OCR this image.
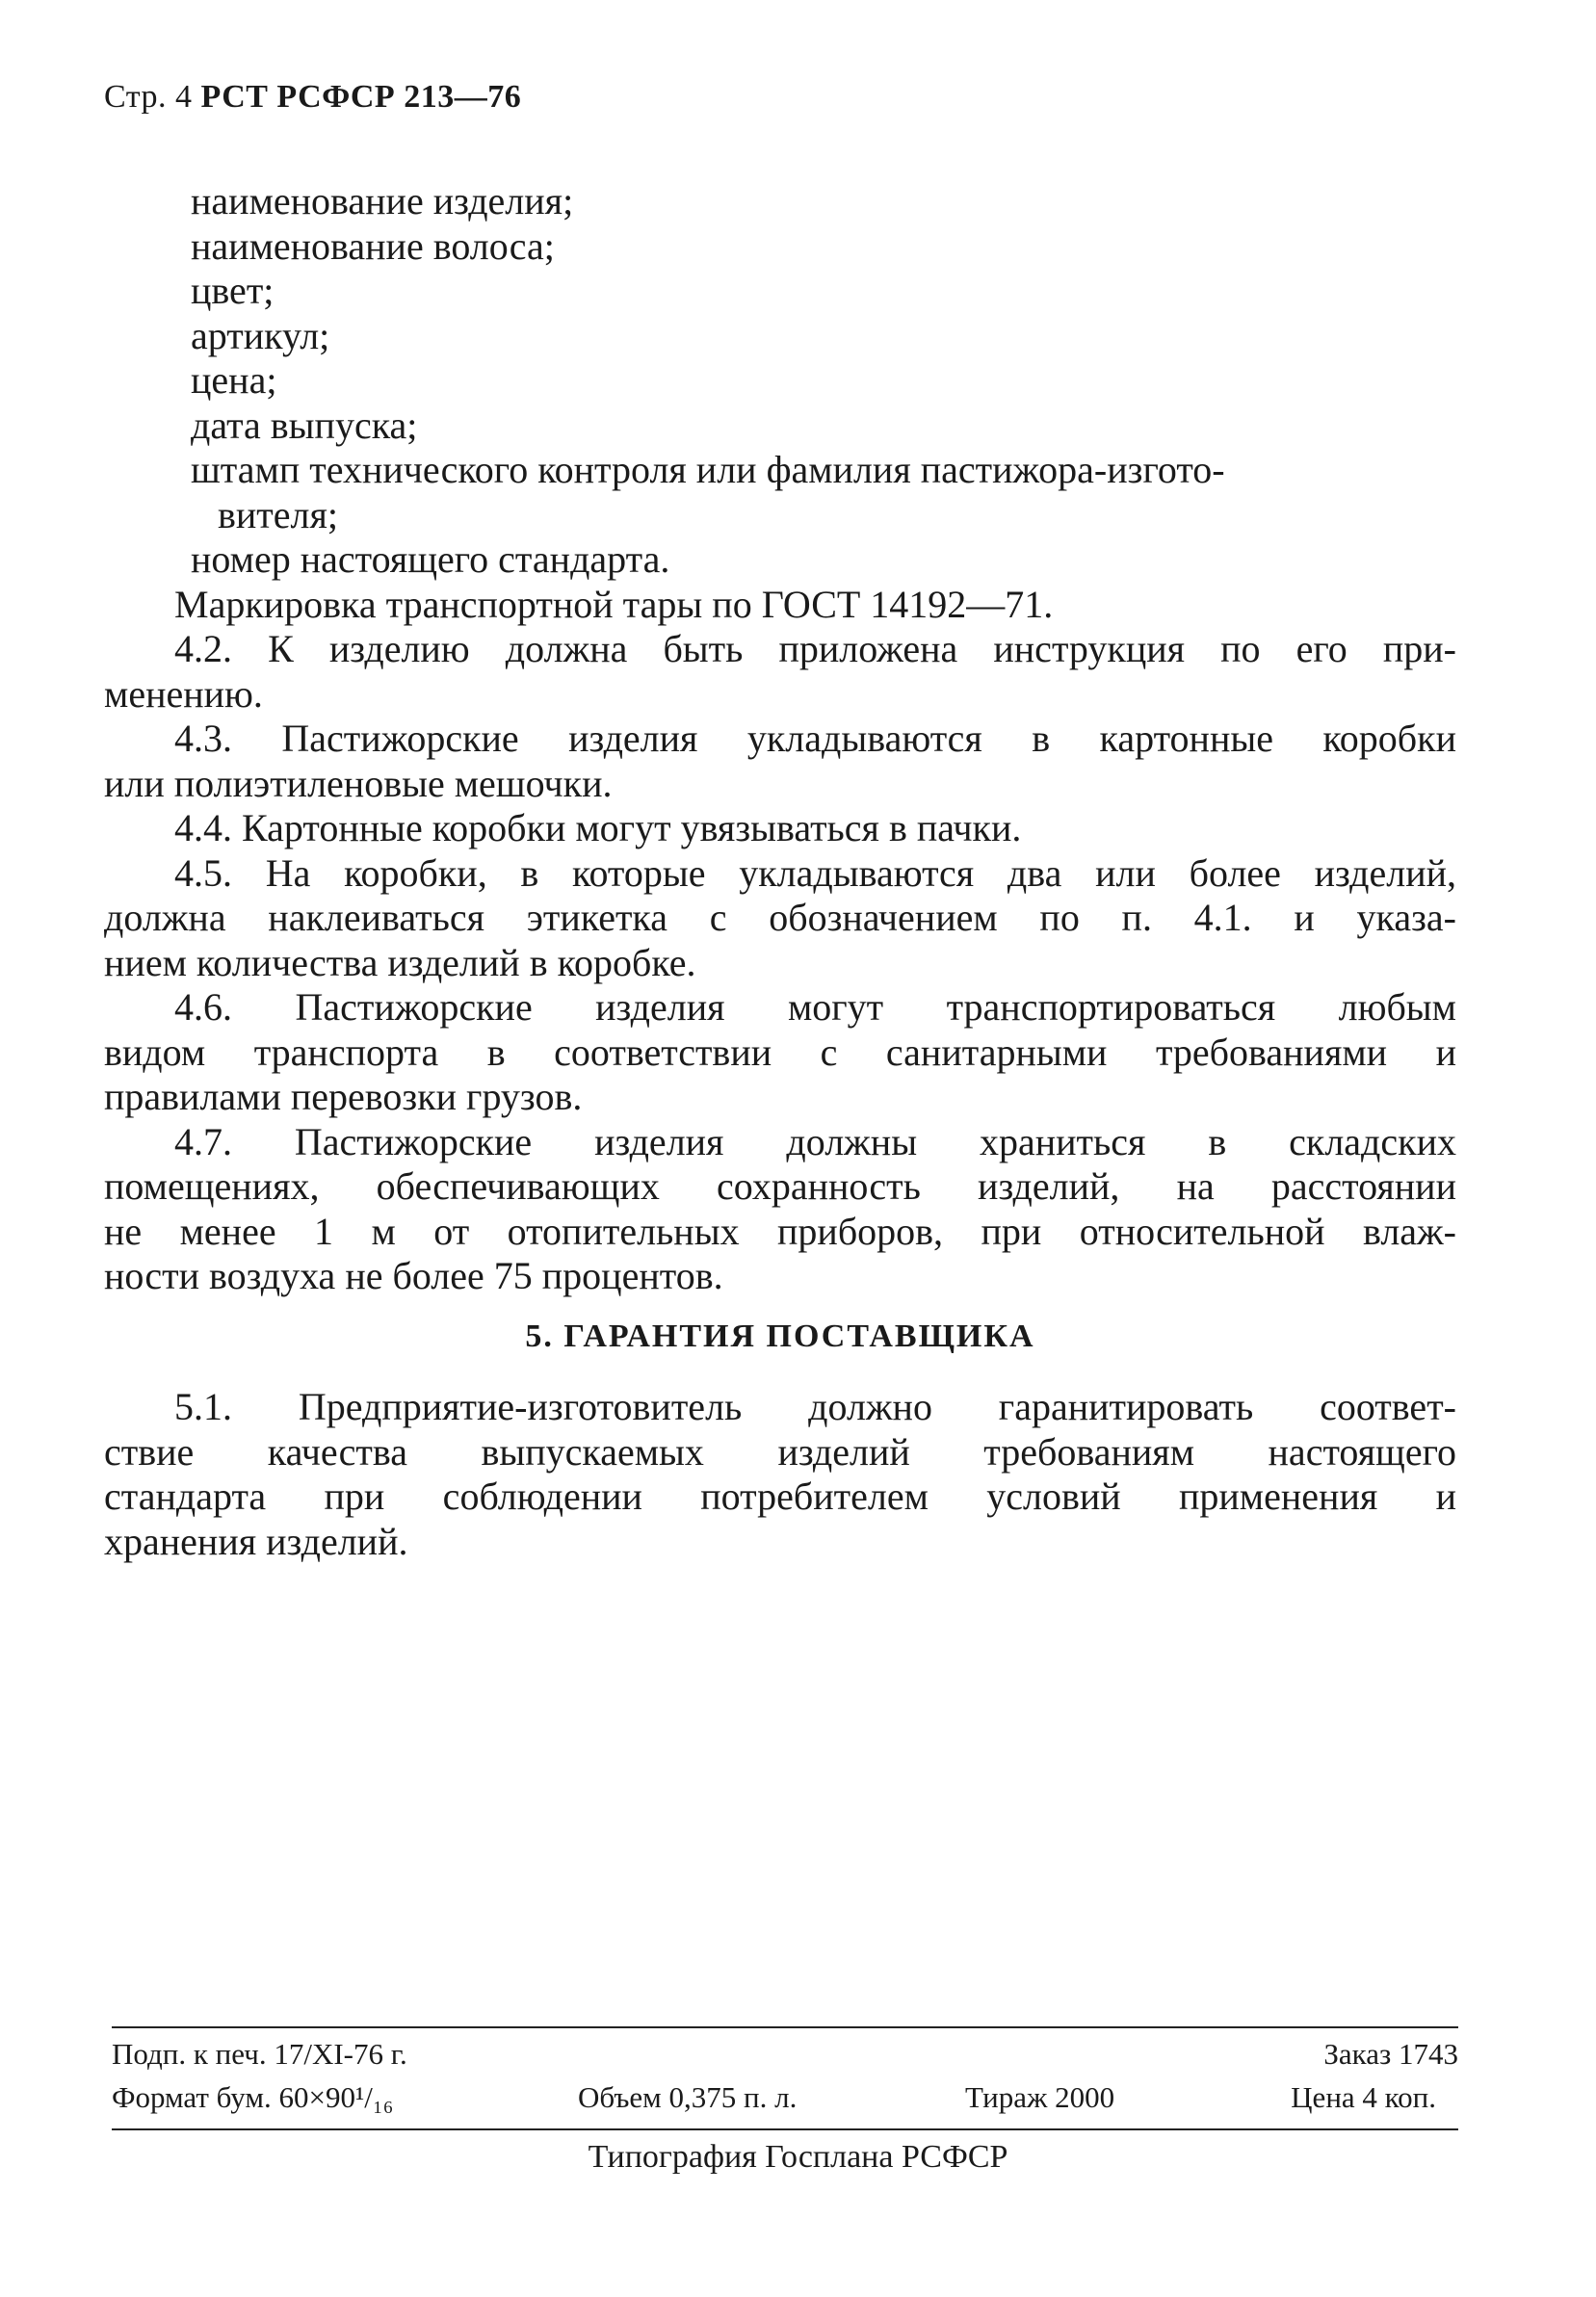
Стр. 4 РСТ РСФСР 213—76

наименование изделия;

наименование волоса;

цвет;

артикул;

цена;

дата выпуска;

штамп технического контроля или фамилия пастижора-изгото-

вителя;

номер настоящего стандарта.

Маркировка транспортной тары по ГОСТ 14192—71.

4.2. К изделию должна быть приложена инструкция по его при-

менению.

4.3. Пастижорские изделия укладываются в картонные коробки

или полиэтиленовые мешочки.

4.4. Картонные коробки могут увязываться в пачки.

4.5. На коробки, в которые укладываются два или более изделий,

должна наклеиваться этикетка с обозначением по п. 4.1. и указа-

нием количества изделий в коробке.

4.6. Пастижорские изделия могут транспортироваться любым

видом транспорта в соответствии с санитарными требованиями и

правилами перевозки грузов.

4.7. Пастижорские изделия должны храниться в складских

помещениях, обеспечивающих сохранность изделий, на расстоянии

не менее 1 м от отопительных приборов, при относительной влаж-

ности воздуха не более 75 процентов.

5. ГАРАНТИЯ ПОСТАВЩИКА

5.1. Предприятие-изготовитель должно гаранитировать соответ-

ствие качества выпускаемых изделий требованиям настоящего

стандарта при соблюдении потребителем условий применения и

хранения изделий.

Подп. к печ. 17/XI-76 г.	Заказ 1743
Формат бум. 60×90¹/₁₆	Объем 0,375 п. л.	Тираж 2000	Цена 4 коп.
Типография Госплана РСФСР
